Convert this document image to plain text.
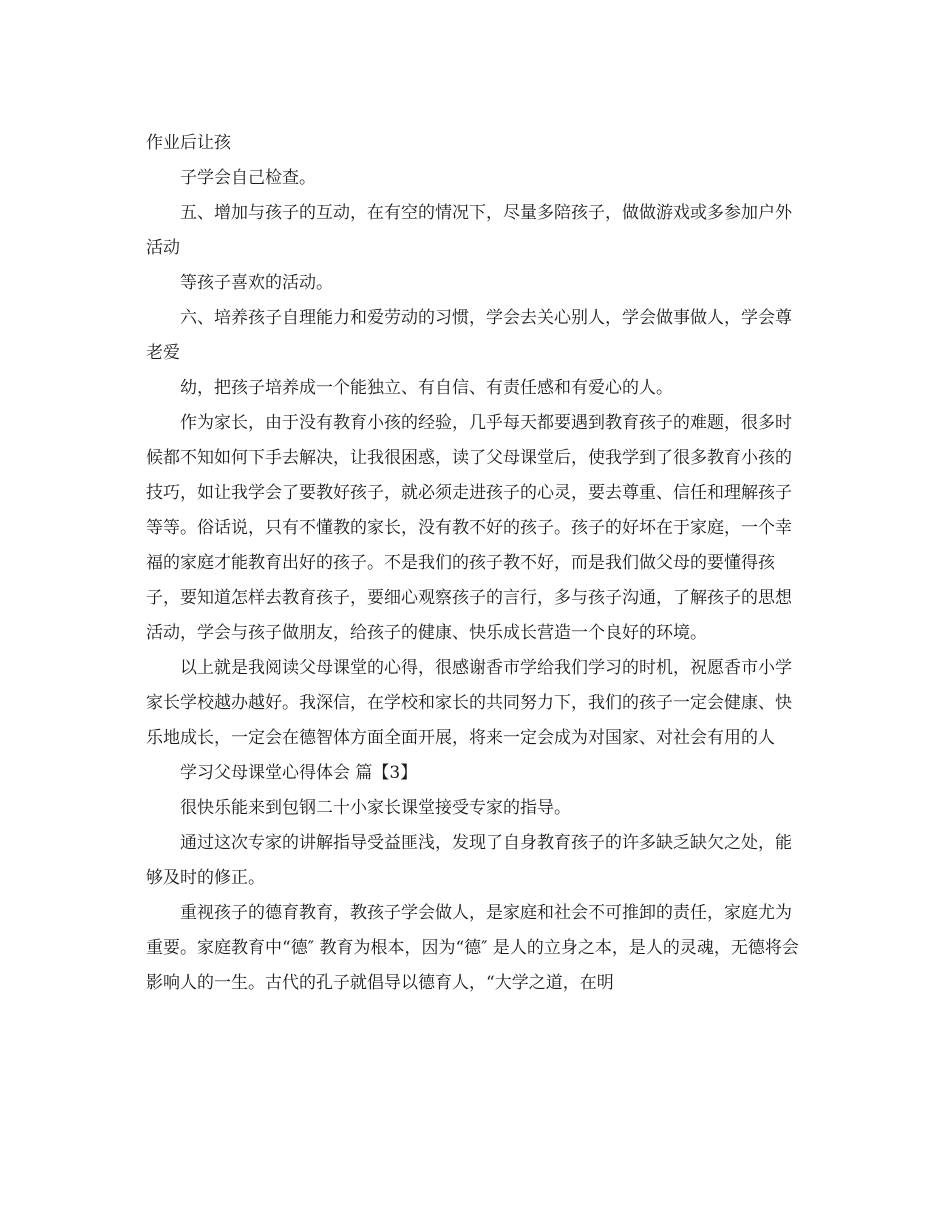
作业后让孩

子学会自己检查。

五、增加与孩子的互动，在有空的情况下，尽量多陪孩子，做做游戏或多参加户外活动

等孩子喜欢的活动。

六、培养孩子自理能力和爱劳动的习惯，学会去关心别人，学会做事做人，学会尊老爱

幼，把孩子培养成一个能独立、有自信、有责任感和有爱心的人。

作为家长，由于没有教育小孩的经验，几乎每天都要遇到教育孩子的难题，很多时候都不知如何下手去解决，让我很困惑，读了父母课堂后，使我学到了很多教育小孩的技巧，如让我学会了要教好孩子，就必须走进孩子的心灵，要去尊重、信任和理解孩子等等。俗话说，只有不懂教的家长，没有教不好的孩子。孩子的好坏在于家庭，一个幸福的家庭才能教育出好的孩子。不是我们的孩子教不好，而是我们做父母的要懂得孩子，要知道怎样去教育孩子，要细心观察孩子的言行，多与孩子沟通，了解孩子的思想活动，学会与孩子做朋友，给孩子的健康、快乐成长营造一个良好的环境。

以上就是我阅读父母课堂的心得，很感谢香市学给我们学习的时机，祝愿香市小学家长学校越办越好。我深信，在学校和家长的共同努力下，我们的孩子一定会健康、快乐地成长，一定会在德智体方面全面开展，将来一定会成为对国家、对社会有用的人

学习父母课堂心得体会 篇【3】

很快乐能来到包钢二十小家长课堂接受专家的指导。

通过这次专家的讲解指导受益匪浅，发现了自身教育孩子的许多缺乏缺欠之处，能够及时的修正。

重视孩子的德育教育，教孩子学会做人，是家庭和社会不可推卸的责任，家庭尤为重要。家庭教育中“德″ 教育为根本，因为“德″ 是人的立身之本，是人的灵魂，无德将会影响人的一生。古代的孔子就倡导以德育人，“大学之道，在明
